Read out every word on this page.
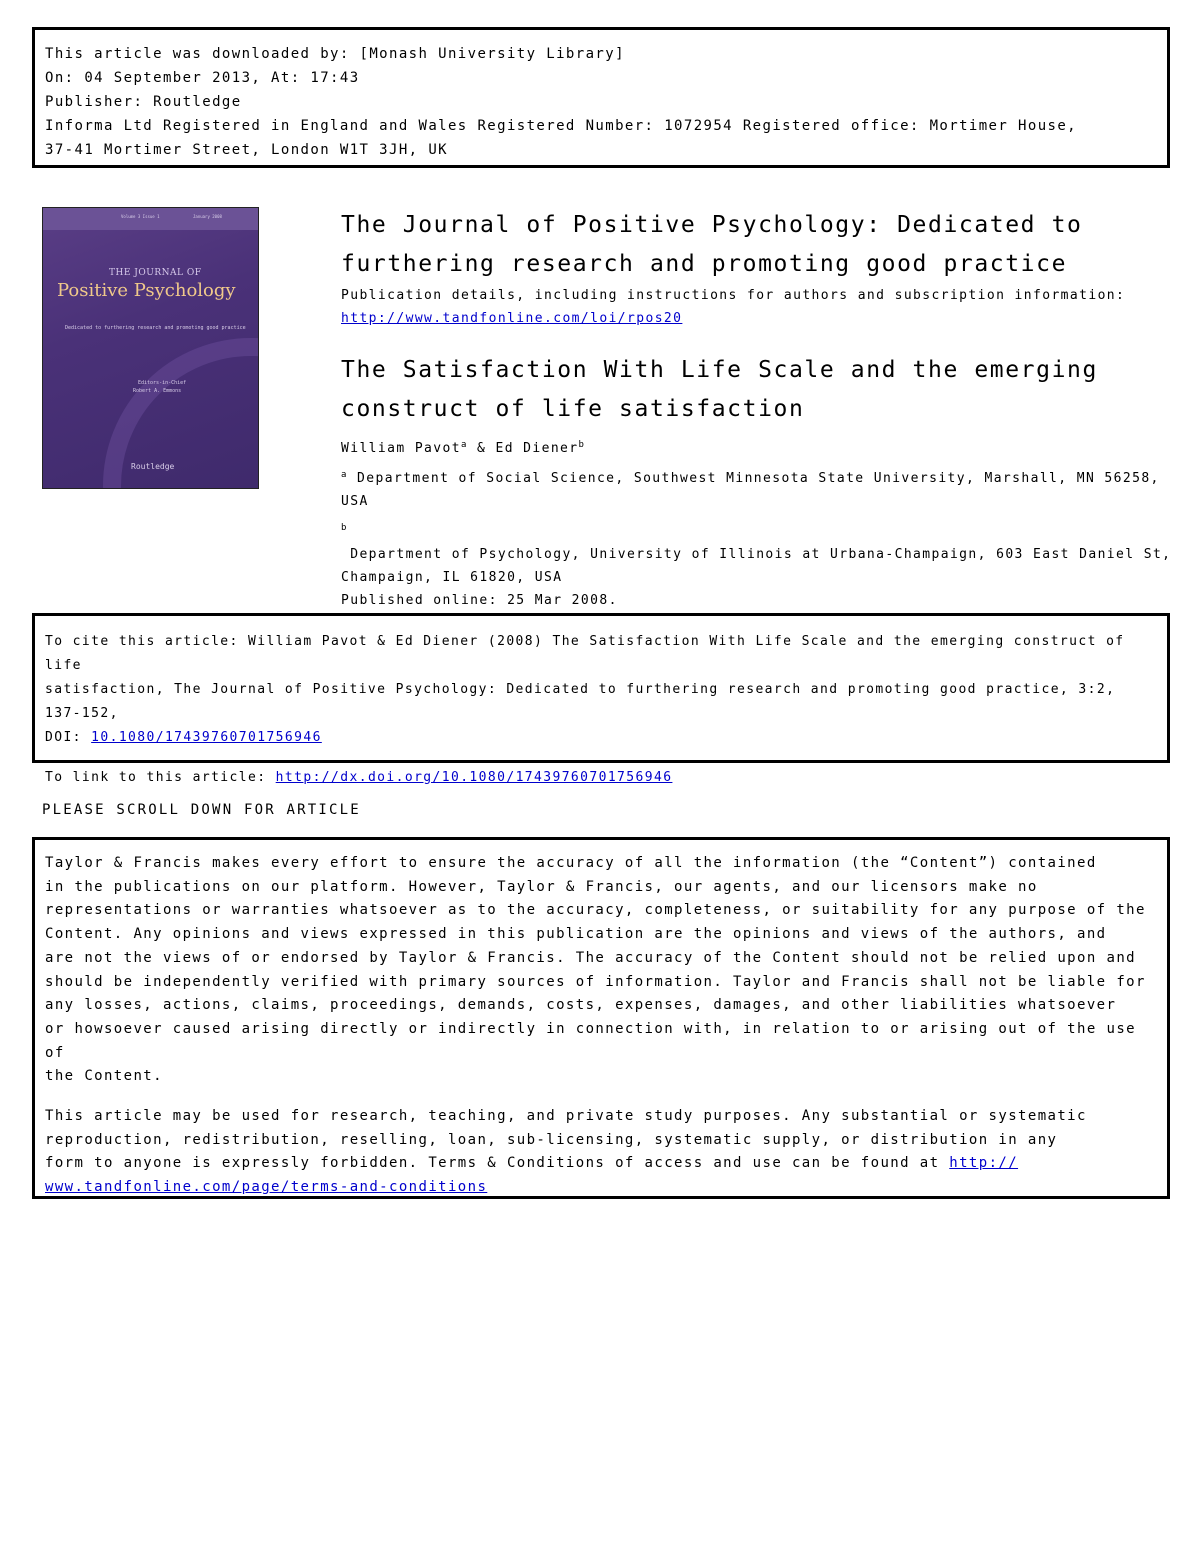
This article was downloaded by: [Monash University Library]
On: 04 September 2013, At: 17:43
Publisher: Routledge
Informa Ltd Registered in England and Wales Registered Number: 1072954 Registered office: Mortimer House,
37-41 Mortimer Street, London W1T 3JH, UK
Volume 3 Issue 1	January 2008
THE JOURNAL OF
Positive Psychology
Dedicated to furthering research and promoting good practice
Editors-in-Chief
Robert A. Emmons
Routledge
The Journal of Positive Psychology: Dedicated to
furthering research and promoting good practice
Publication details, including instructions for authors and subscription information:
http://www.tandfonline.com/loi/rpos20
The Satisfaction With Life Scale and the emerging
construct of life satisfaction
William Pavot$^a$ & Ed Diener$^b$
$^a$ Department of Social Science, Southwest Minnesota State University, Marshall, MN 56258,
USA
$^b$ Department of Psychology, University of Illinois at Urbana-Champaign, 603 East Daniel St,
Champaign, IL 61820, USA
Published online: 25 Mar 2008.
To cite this article: William Pavot & Ed Diener (2008) The Satisfaction With Life Scale and the emerging construct of life
satisfaction, The Journal of Positive Psychology: Dedicated to furthering research and promoting good practice, 3:2, 137-152,
DOI: 10.1080/17439760701756946
To link to this article: http://dx.doi.org/10.1080/17439760701756946
PLEASE SCROLL DOWN FOR ARTICLE
Taylor & Francis makes every effort to ensure the accuracy of all the information (the “Content”) contained
in the publications on our platform. However, Taylor & Francis, our agents, and our licensors make no
representations or warranties whatsoever as to the accuracy, completeness, or suitability for any purpose of the
Content. Any opinions and views expressed in this publication are the opinions and views of the authors, and
are not the views of or endorsed by Taylor & Francis. The accuracy of the Content should not be relied upon and
should be independently verified with primary sources of information. Taylor and Francis shall not be liable for
any losses, actions, claims, proceedings, demands, costs, expenses, damages, and other liabilities whatsoever
or howsoever caused arising directly or indirectly in connection with, in relation to or arising out of the use of
the Content.
This article may be used for research, teaching, and private study purposes. Any substantial or systematic
reproduction, redistribution, reselling, loan, sub-licensing, systematic supply, or distribution in any
form to anyone is expressly forbidden. Terms & Conditions of access and use can be found at http://
www.tandfonline.com/page/terms-and-conditions
